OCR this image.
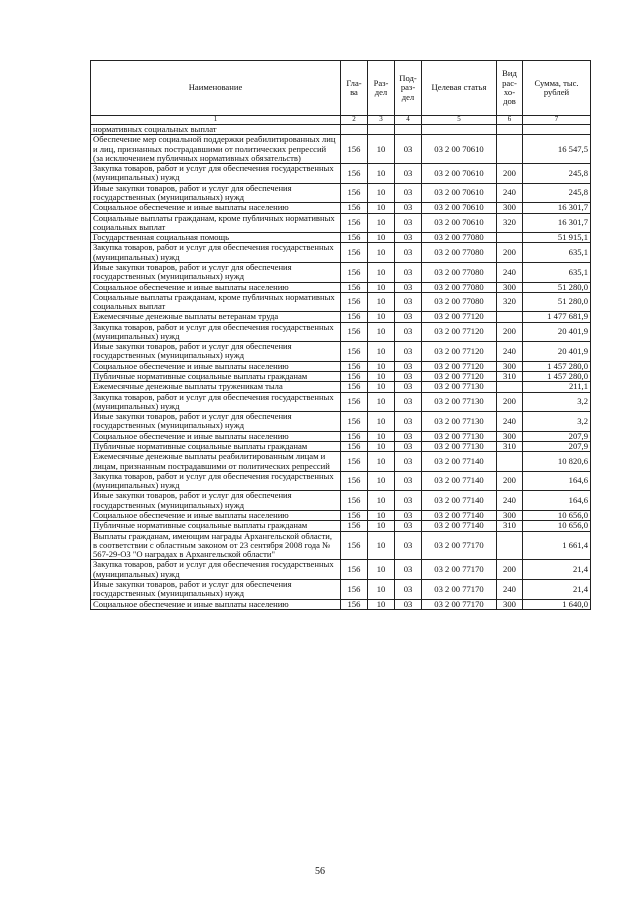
Наименование	Гла-ва	Раз-дел	Под-раз-дел	Целевая статья	Вид рас-хо-дов	Сумма, тыс. рублей
1	2	3	4	5	6	7
нормативных социальных выплат						
Обеспечение мер социальной поддержки реабилитированных лиц и лиц, признанных пострадавшими от политических репрессий (за исключением публичных нормативных обязательств)	156	10	03	03 2 00 70610		16 547,5
Закупка товаров, работ и услуг для обеспечения государственных (муниципальных) нужд	156	10	03	03 2 00 70610	200	245,8
Иные закупки товаров, работ и услуг для обеспечения государственных (муниципальных) нужд	156	10	03	03 2 00 70610	240	245,8
Социальное обеспечение и иные выплаты населению	156	10	03	03 2 00 70610	300	16 301,7
Социальные выплаты гражданам, кроме публичных нормативных социальных выплат	156	10	03	03 2 00 70610	320	16 301,7
Государственная социальная помощь	156	10	03	03 2 00 77080		51 915,1
Закупка товаров, работ и услуг для обеспечения государственных (муниципальных) нужд	156	10	03	03 2 00 77080	200	635,1
Иные закупки товаров, работ и услуг для обеспечения государственных (муниципальных) нужд	156	10	03	03 2 00 77080	240	635,1
Социальное обеспечение и иные выплаты населению	156	10	03	03 2 00 77080	300	51 280,0
Социальные выплаты гражданам, кроме публичных нормативных социальных выплат	156	10	03	03 2 00 77080	320	51 280,0
Ежемесячные денежные выплаты ветеранам труда	156	10	03	03 2 00 77120		1 477 681,9
Закупка товаров, работ и услуг для обеспечения государственных (муниципальных) нужд	156	10	03	03 2 00 77120	200	20 401,9
Иные закупки товаров, работ и услуг для обеспечения государственных (муниципальных) нужд	156	10	03	03 2 00 77120	240	20 401,9
Социальное обеспечение и иные выплаты населению	156	10	03	03 2 00 77120	300	1 457 280,0
Публичные нормативные социальные выплаты гражданам	156	10	03	03 2 00 77120	310	1 457 280,0
Ежемесячные денежные выплаты труженикам тыла	156	10	03	03 2 00 77130		211,1
Закупка товаров, работ и услуг для обеспечения государственных (муниципальных) нужд	156	10	03	03 2 00 77130	200	3,2
Иные закупки товаров, работ и услуг для обеспечения государственных (муниципальных) нужд	156	10	03	03 2 00 77130	240	3,2
Социальное обеспечение и иные выплаты населению	156	10	03	03 2 00 77130	300	207,9
Публичные нормативные социальные выплаты гражданам	156	10	03	03 2 00 77130	310	207,9
Ежемесячные денежные выплаты реабилитированным лицам и лицам, признанным пострадавшими от политических репрессий	156	10	03	03 2 00 77140		10 820,6
Закупка товаров, работ и услуг для обеспечения государственных (муниципальных) нужд	156	10	03	03 2 00 77140	200	164,6
Иные закупки товаров, работ и услуг для обеспечения государственных (муниципальных) нужд	156	10	03	03 2 00 77140	240	164,6
Социальное обеспечение и иные выплаты населению	156	10	03	03 2 00 77140	300	10 656,0
Публичные нормативные социальные выплаты гражданам	156	10	03	03 2 00 77140	310	10 656,0
Выплаты гражданам, имеющим награды Архангельской области, в соответствии с областным законом от 23 сентября 2008 года № 567-29-ОЗ "О наградах в Архангельской области"	156	10	03	03 2 00 77170		1 661,4
Закупка товаров, работ и услуг для обеспечения государственных (муниципальных) нужд	156	10	03	03 2 00 77170	200	21,4
Иные закупки товаров, работ и услуг для обеспечения государственных (муниципальных) нужд	156	10	03	03 2 00 77170	240	21,4
Социальное обеспечение и иные выплаты населению	156	10	03	03 2 00 77170	300	1 640,0
56
